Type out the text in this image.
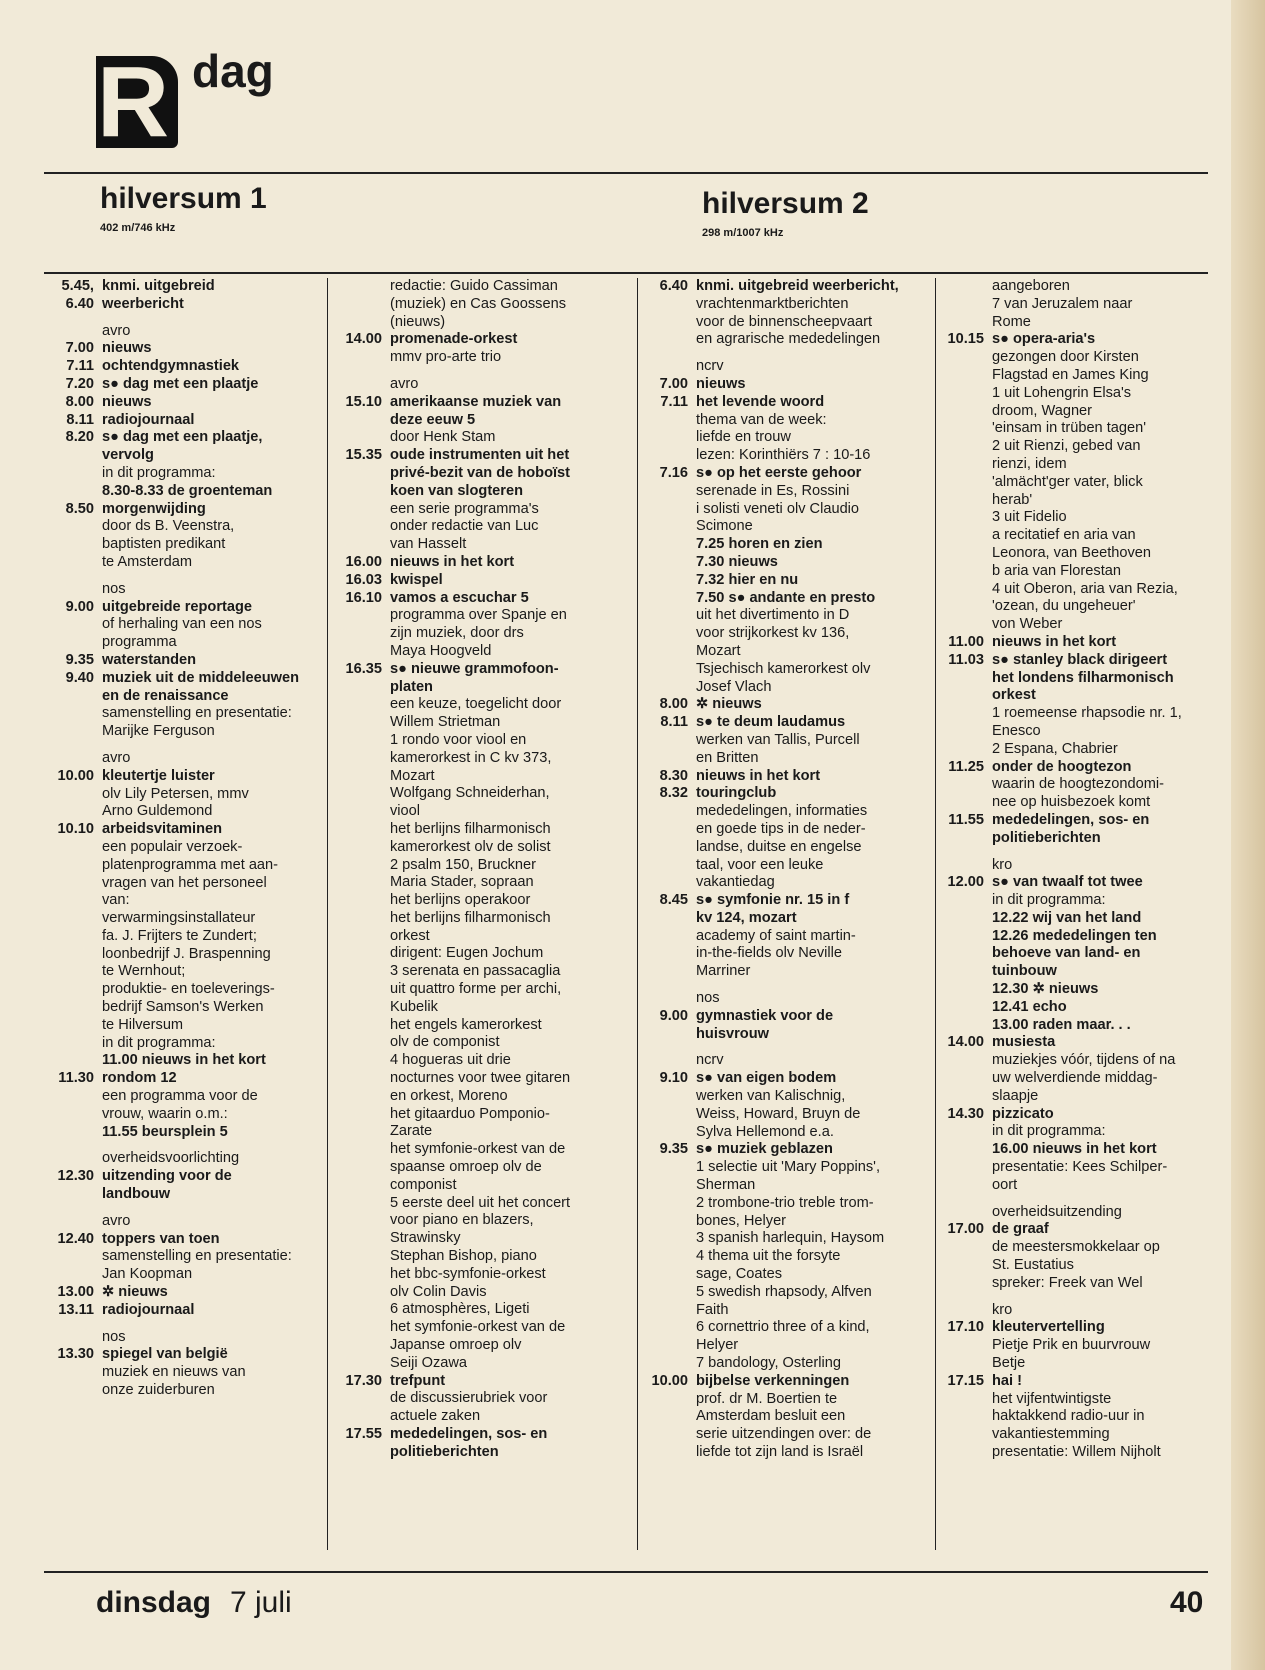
R dag
hilversum 1
402 m/746 kHz
hilversum 2
298 m/1007 kHz
5.45, 6.40
knmi. uitgebreid
weerbericht
avro
7.00 nieuws
7.11 ochtendgymnastiek
7.20 s● dag met een plaatje
8.00 nieuws
8.11 radiojournaal
8.20 s● dag met een plaatje,
vervolg
in dit programma:
8.30-8.33 de groenteman
8.50 morgenwijding
door ds B. Veenstra,
baptisten predikant
te Amsterdam
nos
9.00 uitgebreide reportage
of herhaling van een nos
programma
9.35 waterstanden
9.40 muziek uit de middeleeuwen
en de renaissance
samenstelling en presentatie:
Marijke Ferguson
avro
10.00 kleutertje luister
olv Lily Petersen, mmv
Arno Guldemond
10.10 arbeidsvitaminen
een populair verzoek-
platenprogramma met aan-
vragen van het personeel
van:
verwarmingsinstallateur
fa. J. Frijters te Zundert;
loonbedrijf J. Braspenning
te Wernhout;
produktie- en toeleverings-
bedrijf Samson's Werken
te Hilversum
in dit programma:
11.00 nieuws in het kort
11.30 rondom 12
een programma voor de
vrouw, waarin o.m.:
11.55 beursplein 5
overheidsvoorlichting
12.30 uitzending voor de
landbouw
avro
12.40 toppers van toen
samenstelling en presentatie:
Jan Koopman
13.00 ✲ nieuws
13.11 radiojournaal
nos
13.30 spiegel van belgië
muziek en nieuws van
onze zuiderburen
redactie: Guido Cassiman
(muziek) en Cas Goossens
(nieuws)
14.00 promenade-orkest
mmv pro-arte trio
avro
15.10 amerikaanse muziek van
deze eeuw 5
door Henk Stam
15.35 oude instrumenten uit het
privé-bezit van de hoboïst
koen van slogteren
een serie programma's
onder redactie van Luc
van Hasselt
16.00 nieuws in het kort
16.03 kwispel
16.10 vamos a escuchar 5
programma over Spanje en
zijn muziek, door drs
Maya Hoogveld
16.35 s● nieuwe grammofoon-
platen
een keuze, toegelicht door
Willem Strietman
1 rondo voor viool en
kamerorkest in C kv 373,
Mozart
Wolfgang Schneiderhan,
viool
het berlijns filharmonisch
kamerorkest olv de solist
2 psalm 150, Bruckner
Maria Stader, sopraan
het berlijns operakoor
het berlijns filharmonisch
orkest
dirigent: Eugen Jochum
3 serenata en passacaglia
uit quattro forme per archi,
Kubelik
het engels kamerorkest
olv de componist
4 hogueras uit drie
nocturnes voor twee gitaren
en orkest, Moreno
het gitaarduo Pomponio-
Zarate
het symfonie-orkest van de
spaanse omroep olv de
componist
5 eerste deel uit het concert
voor piano en blazers,
Strawinsky
Stephan Bishop, piano
het bbc-symfonie-orkest
olv Colin Davis
6 atmosphères, Ligeti
het symfonie-orkest van de
Japanse omroep olv
Seiji Ozawa
17.30 trefpunt
de discussierubriek voor
actuele zaken
17.55 mededelingen, sos- en
politieberichten
6.40 knmi. uitgebreid weerbericht,
vrachtenmarktberichten
voor de binnenscheepvaart
en agrarische mededelingen
ncrv
7.00 nieuws
7.11 het levende woord
thema van de week:
liefde en trouw
lezen: Korinthiërs 7 : 10-16
7.16 s● op het eerste gehoor
serenade in Es, Rossini
i solisti veneti olv Claudio
Scimone
7.25 horen en zien
7.30 nieuws
7.32 hier en nu
7.50 s● andante en presto
uit het divertimento in D
voor strijkorkest kv 136,
Mozart
Tsjechisch kamerorkest olv
Josef Vlach
8.00 ✲ nieuws
8.11 s● te deum laudamus
werken van Tallis, Purcell
en Britten
8.30 nieuws in het kort
8.32 touringclub
mededelingen, informaties
en goede tips in de neder-
landse, duitse en engelse
taal, voor een leuke
vakantiedag
8.45 s● symfonie nr. 15 in f
kv 124, mozart
academy of saint martin-
in-the-fields olv Neville
Marriner
nos
9.00 gymnastiek voor de
huisvrouw
ncrv
9.10 s● van eigen bodem
werken van Kalischnig,
Weiss, Howard, Bruyn de
Sylva Hellemond e.a.
9.35 s● muziek geblazen
1 selectie uit 'Mary Poppins',
Sherman
2 trombone-trio treble trom-
bones, Helyer
3 spanish harlequin, Haysom
4 thema uit the forsyte
sage, Coates
5 swedish rhapsody, Alfven
Faith
6 cornettrio three of a kind,
Helyer
7 bandology, Osterling
10.00 bijbelse verkenningen
prof. dr M. Boertien te
Amsterdam besluit een
serie uitzendingen over: de
liefde tot zijn land is Israël
aangeboren
7 van Jeruzalem naar
Rome
10.15 s● opera-aria's
gezongen door Kirsten
Flagstad en James King
1 uit Lohengrin Elsa's
droom, Wagner
'einsam in trüben tagen'
2 uit Rienzi, gebed van
rienzi, idem
'almächt'ger vater, blick
herab'
3 uit Fidelio
a recitatief en aria van
Leonora, van Beethoven
b aria van Florestan
4 uit Oberon, aria van Rezia,
'ozean, du ungeheuer'
von Weber
11.00 nieuws in het kort
11.03 s● stanley black dirigeert
het londens filharmonisch
orkest
1 roemeense rhapsodie nr. 1,
Enesco
2 Espana, Chabrier
11.25 onder de hoogtezon
waarin de hoogtezondomi-
nee op huisbezoek komt
11.55 mededelingen, sos- en
politieberichten
kro
12.00 s● van twaalf tot twee
in dit programma:
12.22 wij van het land
12.26 mededelingen ten
behoeve van land- en
tuinbouw
12.30 ✲ nieuws
12.41 echo
13.00 raden maar. . .
14.00 musiesta
muziekjes vóór, tijdens of na
uw welverdiende middag-
slaapje
14.30 pizzicato
in dit programma:
16.00 nieuws in het kort
presentatie: Kees Schilper-
oort
overheidsuitzending
17.00 de graaf
de meestersmokkelaar op
St. Eustatius
spreker: Freek van Wel
kro
17.10 kleutervertelling
Pietje Prik en buurvrouw
Betje
17.15 hai !
het vijfentwintigste
haktakkend radio-uur in
vakantiestemming
presentatie: Willem Nijholt
dinsdag 7 juli	40
